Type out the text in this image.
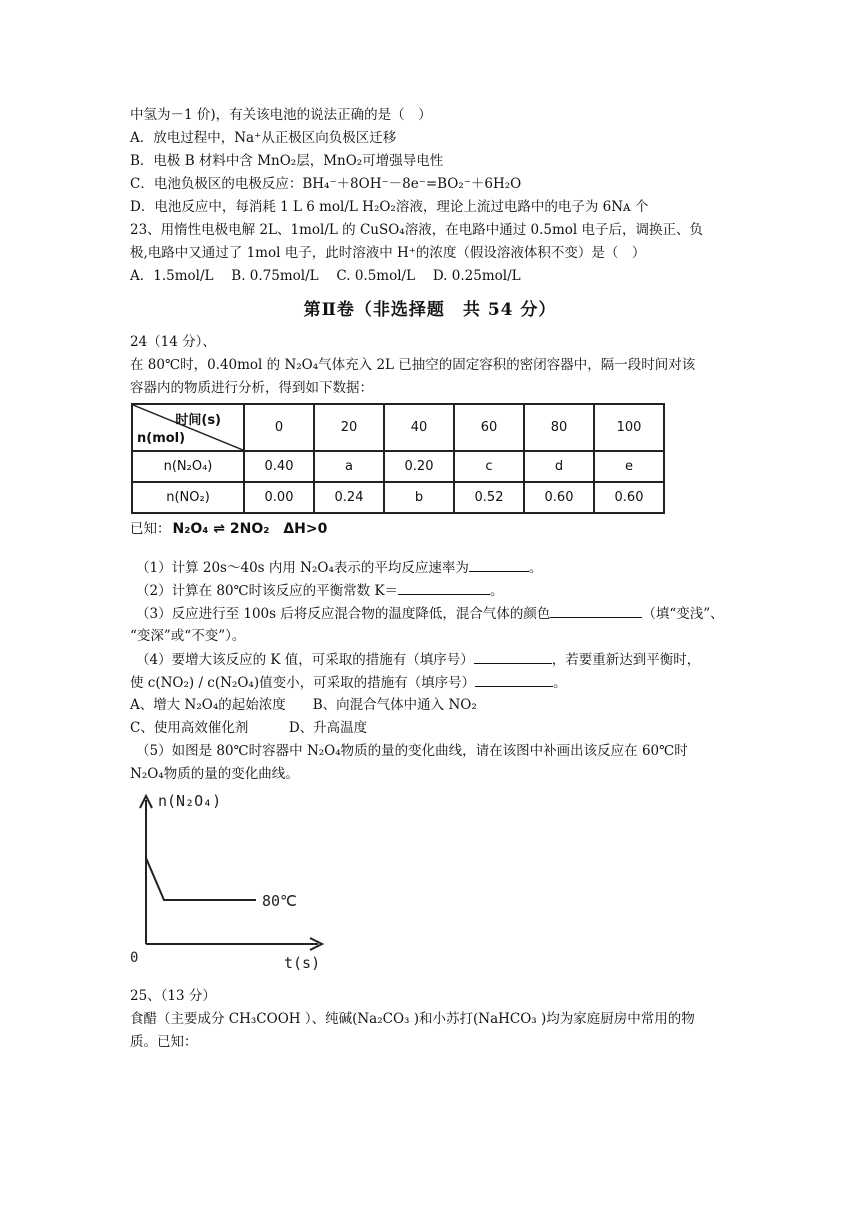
中氢为－1 价)，有关该电池的说法正确的是（　）
A．放电过程中，Na⁺从正极区向负极区迁移
B．电极 B 材料中含 MnO₂层，MnO₂可增强导电性
C．电池负极区的电极反应：BH₄⁻＋8OH⁻－8e⁻=BO₂⁻＋6H₂O
D．电池反应中，每消耗 1 L 6 mol/L H₂O₂溶液，理论上流过电路中的电子为 6Nᴀ 个
23、用惰性电极电解 2L、1mol/L 的 CuSO₄溶液，在电路中通过 0.5mol 电子后，调换正、负
极,电路中又通过了 1mol 电子，此时溶液中 H⁺的浓度（假设溶液体积不变）是（　）
A．1.5mol/L　 B. 0.75mol/L　 C. 0.5mol/L　 D. 0.25mol/L
第Ⅱ卷（非选择题　共 54 分）
24（14 分）、
在 80℃时，0.40mol 的 N₂O₄气体充入 2L 已抽空的固定容积的密闭容器中，隔一段时间对该
容器内的物质进行分析，得到如下数据：
时间(s)
n(mol)	0	20	40	60	80	100
n(N₂O₄)	0.40	a	0.20	c	d	e
n(NO₂)	0.00	0.24	b	0.52	0.60	0.60
已知： N₂O₄ ⇌ 2NO₂　ΔH>0
（1）计算 20s～40s 内用 N₂O₄表示的平均反应速率为	。
（2）计算在 80℃时该反应的平衡常数 K＝	。
（3）反应进行至 100s 后将反应混合物的温度降低，混合气体的颜色	（填“变浅”、
“变深”或“不变”）。
（4）要增大该反应的 K 值，可采取的措施有（填序号）	，若要重新达到平衡时，
使 c(NO₂) / c(N₂O₄)值变小，可采取的措施有（填序号）	。
A、增大 N₂O₄的起始浓度　　B、向混合气体中通入 NO₂
C、使用高效催化剂　　　D、升高温度
（5）如图是 80℃时容器中 N₂O₄物质的量的变化曲线，请在该图中补画出该反应在 60℃时
N₂O₄物质的量的变化曲线。
n(N₂O₄)
t(s)
0
80℃
25、（13 分）
食醋（主要成分 CH₃COOH ）、纯碱(Na₂CO₃ )和小苏打(NaHCO₃ )均为家庭厨房中常用的物
质。已知：
